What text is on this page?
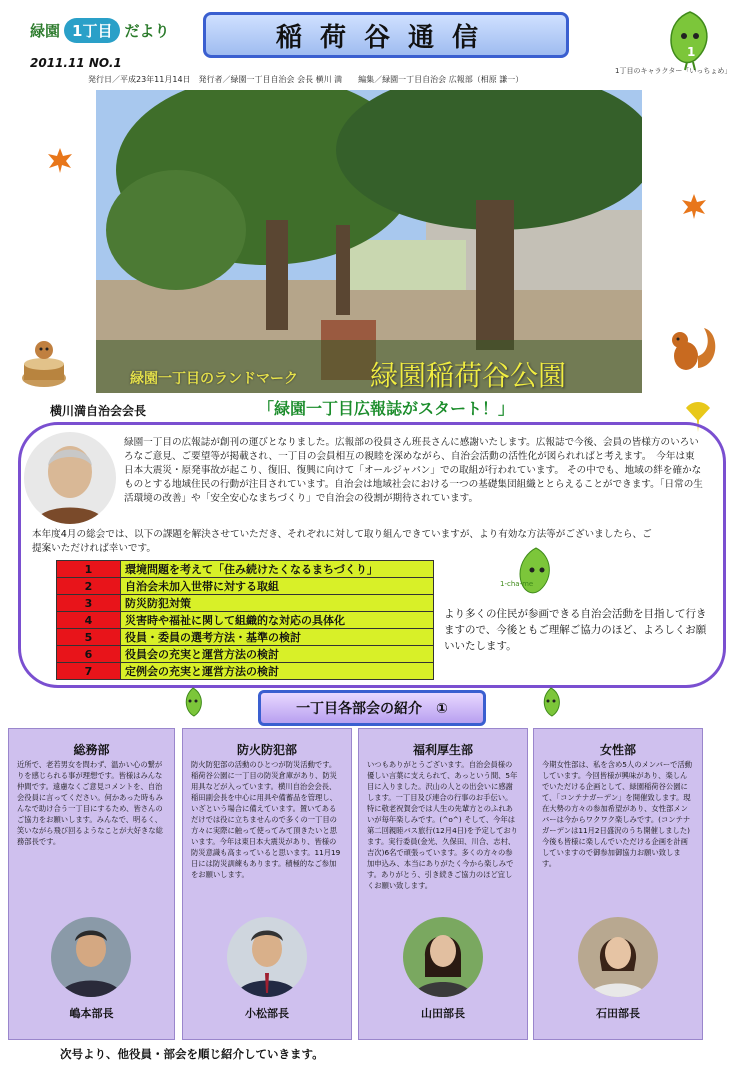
緑園 1丁目 だより	稲荷谷通信
2011.11 NO.1
発行日／平成23年11月14日　発行者／緑園一丁目自治会 会長 横川 満　　編集／緑園一丁目自治会 広報部（相原 謙一）
1
1丁目のキャラクター「いっちょめ」
緑園一丁目のランドマーク	緑園稲荷谷公園
横川満自治会会長	「緑園一丁目広報誌がスタート！」
緑園一丁目の広報誌が創刊の運びとなりました。広報部の役員さん班長さんに感謝いたします。広報誌で今後、会員の皆様方のいろいろなご意見、ご要望等が掲載され、一丁目の会員相互の親睦を深めながら、自治会活動の活性化が図られればと考えます。　今年は東日本大震災・原発事故が起こり、復旧、復興に向けて「オールジャパン」での取組が行われています。 その中でも、地域の絆を確かなものとする地域住民の行動が注目されています。自治会は地域社会における一つの基礎集団組織ととらえることができます。「日常の生活環境の改善」や「安全安心なまちづくり」で自治会の役割が期待されています。
本年度4月の総会では、以下の課題を解決させていただき、それぞれに対して取り組んできていますが、より有効な方法等がございましたら、ご提案いただければ幸いです。
1	環境問題を考えて「住み続けたくなるまちづくり」
2	自治会未加入世帯に対する取組
3	防災防犯対策
4	災害時や福祉に関して組織的な対応の具体化
5	役員・委員の選考方法・基準の検討
6	役員会の充実と運営方法の検討
7	定例会の充実と運営方法の検討
1-cha-me
より多くの住民が参画できる自治会活動を目指して行きますので、今後ともご理解ご協力のほど、よろしくお願いいたします。
一丁目各部会の紹介　①
総務部
近所で、老若男女を問わず、温かい心の繋がりを感じられる事が理想です。皆様はみんな仲間です。遠慮なくご意見コメントを、自治会役員に言ってください。何かあった時もみんなで助け合う一丁目にするため、皆さんのご協力をお願いします。みんなで、明るく、笑いながら飛び回るようなことが大好きな総務部長です。
嶋本部長
防火防犯部
防火防犯部の活動のひとつが防災活動です。稲荷谷公園に一丁目の防災倉庫があり、防災用具などが入っています。横川自治会会長、稲田副会長を中心に用具や備蓄品を管理し、いざという場合に備えています。置いてあるだけでは役に立ちませんので多くの一丁目の方々に実際に触って使ってみて頂きたいと思います。今年は東日本大震災があり、皆様の防災意識も高まっていると思います。11月19日には防災訓練もあります。積極的なご参加をお願いします。
小松部長
福利厚生部
いつもありがとうございます。自治会員様の優しい言葉に支えられて、あっという間、5年目に入りました。沢山の人との出会いに感謝します。一丁目及び連合の行事のお手伝い。特に敬老祝賀会では人生の先輩方とのふれあいが毎年楽しみです。(^o^) そして、今年は第二回親睦バス旅行(12月4日)を予定しております。実行委員(金光、久保田、川合、志村、吉次)6名で頑張っています。多くの方々の参加申込み、本当にありがたく今から楽しみです。ありがとう、引き続きご協力のほど宜しくお願い致します。
山田部長
女性部
今期女性部は、私を含め5人のメンバーで活動しています。今回皆様が興味があり、楽しんでいただける企画として、緑園稲荷谷公園にて、「コンテナガーデン」を開催致します。現在大勢の方々の参加希望があり、女性部メンバーは今からワクワク楽しみです。(コンテナガーデンは11月2日盛況のうち開催しました) 今後も皆様に楽しんでいただける企画を計画していますので御参加御協力お願い致します。
石田部長
次号より、他役員・部会を順じ紹介していきます。
